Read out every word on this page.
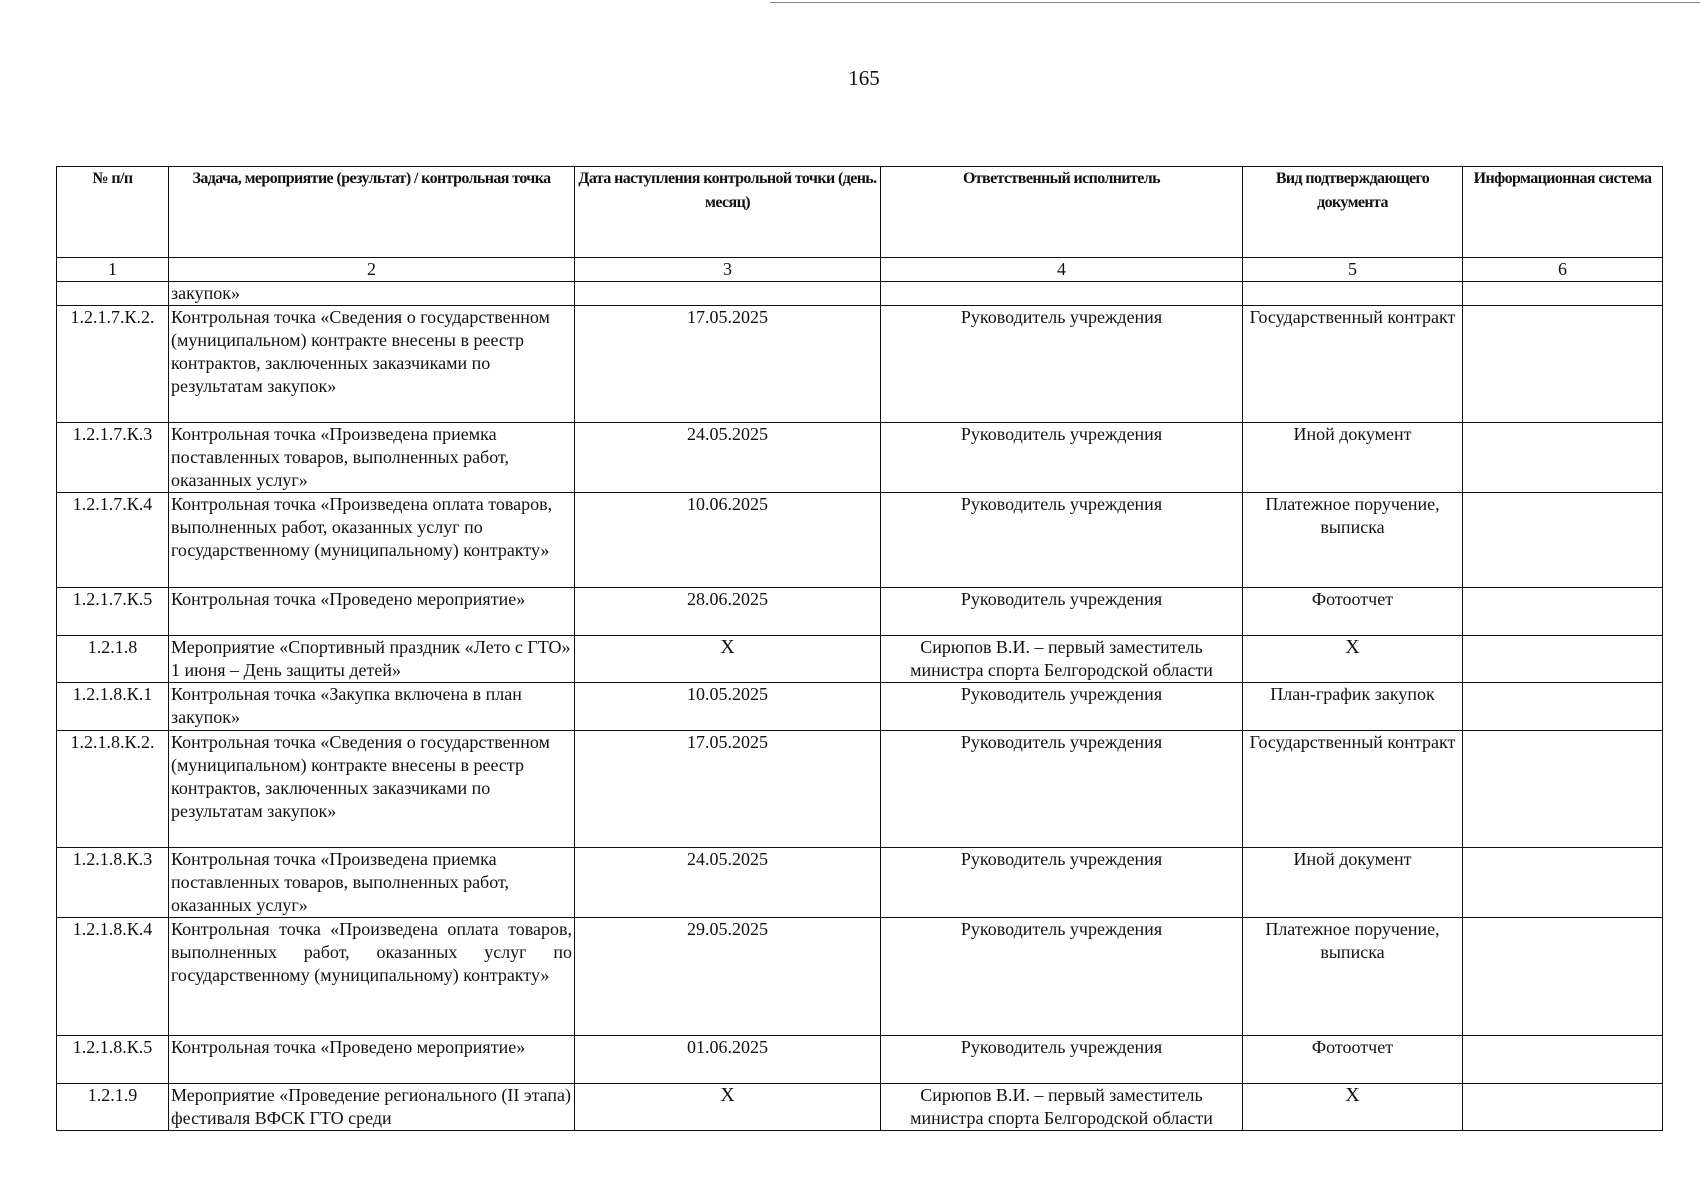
165
№ п/п	Задача, мероприятие (результат) / контрольная точка	Дата наступления контрольной точки (день. месяц)	Ответственный исполнитель	Вид подтверждающего документа	Информационная система
1	2	3	4	5	6
	закупок»				
1.2.1.7.К.2.	Контрольная точка «Сведения о государственном (муниципальном) контракте внесены в реестр контрактов, заключенных заказчиками по результатам закупок»	17.05.2025	Руководитель учреждения	Государственный контракт	
1.2.1.7.К.3	Контрольная точка «Произведена приемка поставленных товаров, выполненных работ, оказанных услуг»	24.05.2025	Руководитель учреждения	Иной документ	
1.2.1.7.К.4	Контрольная точка «Произведена оплата товаров, выполненных работ, оказанных услуг по государственному (муниципальному) контракту»	10.06.2025	Руководитель учреждения	Платежное поручение, выписка	
1.2.1.7.К.5	Контрольная точка «Проведено мероприятие»	28.06.2025	Руководитель учреждения	Фотоотчет	
1.2.1.8	Мероприятие «Спортивный праздник «Лето с ГТО» 1 июня – День защиты детей»	Х	Сирюпов В.И. – первый заместитель министра спорта Белгородской области	Х	
1.2.1.8.К.1	Контрольная точка «Закупка включена в план закупок»	10.05.2025	Руководитель учреждения	План-график закупок	
1.2.1.8.К.2.	Контрольная точка «Сведения о государственном (муниципальном) контракте внесены в реестр контрактов, заключенных заказчиками по результатам закупок»	17.05.2025	Руководитель учреждения	Государственный контракт	
1.2.1.8.К.3	Контрольная точка «Произведена приемка поставленных товаров, выполненных работ, оказанных услуг»	24.05.2025	Руководитель учреждения	Иной документ	
1.2.1.8.К.4	Контрольная точка «Произведена оплата товаров, выполненных работ, оказанных услуг по государственному (муниципальному) контракту»	29.05.2025	Руководитель учреждения	Платежное поручение, выписка	
1.2.1.8.К.5	Контрольная точка «Проведено мероприятие»	01.06.2025	Руководитель учреждения	Фотоотчет	
1.2.1.9	Мероприятие «Проведение регионального (II этапа) фестиваля ВФСК ГТО среди	Х	Сирюпов В.И. – первый заместитель министра спорта Белгородской области	Х	
